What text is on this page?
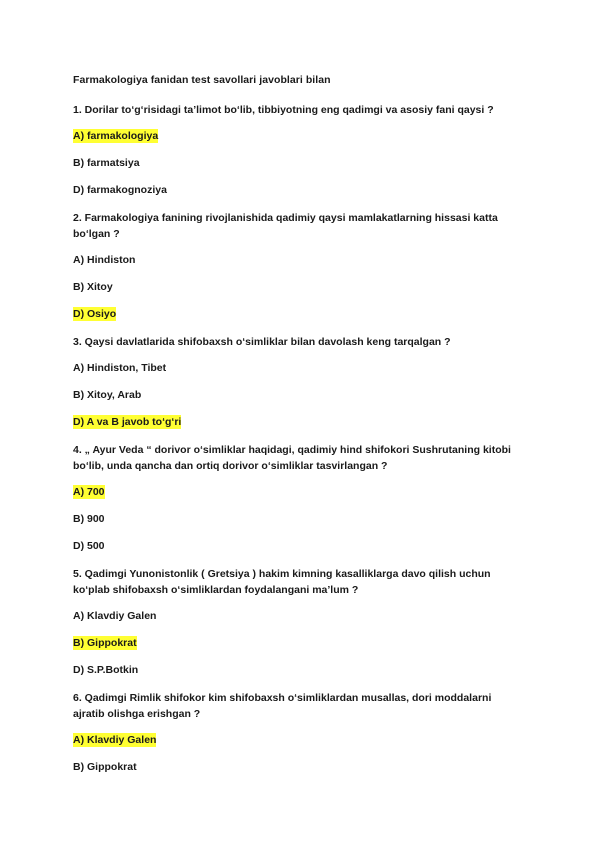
Farmakologiya fanidan test savollari javoblari bilan
1. Dorilar to‘g‘risidagi ta’limot bo‘lib, tibbiyotning eng qadimgi va asosiy fani qaysi ?
A) farmakologiya
B) farmatsiya
D) farmakognoziya
2. Farmakologiya fanining rivojlanishida qadimiy qaysi mamlakatlarning hissasi katta bo‘lgan ?
A) Hindiston
B) Xitoy
D) Osiyo
3. Qaysi davlatlarida shifobaxsh o‘simliklar bilan davolash keng tarqalgan ?
A) Hindiston, Tibet
B) Xitoy, Arab
D) A va B javob to‘g‘ri
4. „ Ayur Veda “ dorivor o‘simliklar haqidagi, qadimiy hind shifokori Sushrutaning kitobi bo‘lib, unda qancha dan ortiq dorivor o‘simliklar tasvirlangan ?
A) 700
B) 900
D) 500
5. Qadimgi Yunonistonlik ( Gretsiya ) hakim kimning kasalliklarga davo qilish uchun ko‘plab shifobaxsh o‘simliklardan foydalangani ma’lum ?
A) Klavdiy Galen
B) Gippokrat
D) S.P.Botkin
6. Qadimgi Rimlik shifokor kim shifobaxsh o‘simliklardan musallas, dori moddalarni ajratib olishga erishgan ?
A) Klavdiy Galen
B) Gippokrat
